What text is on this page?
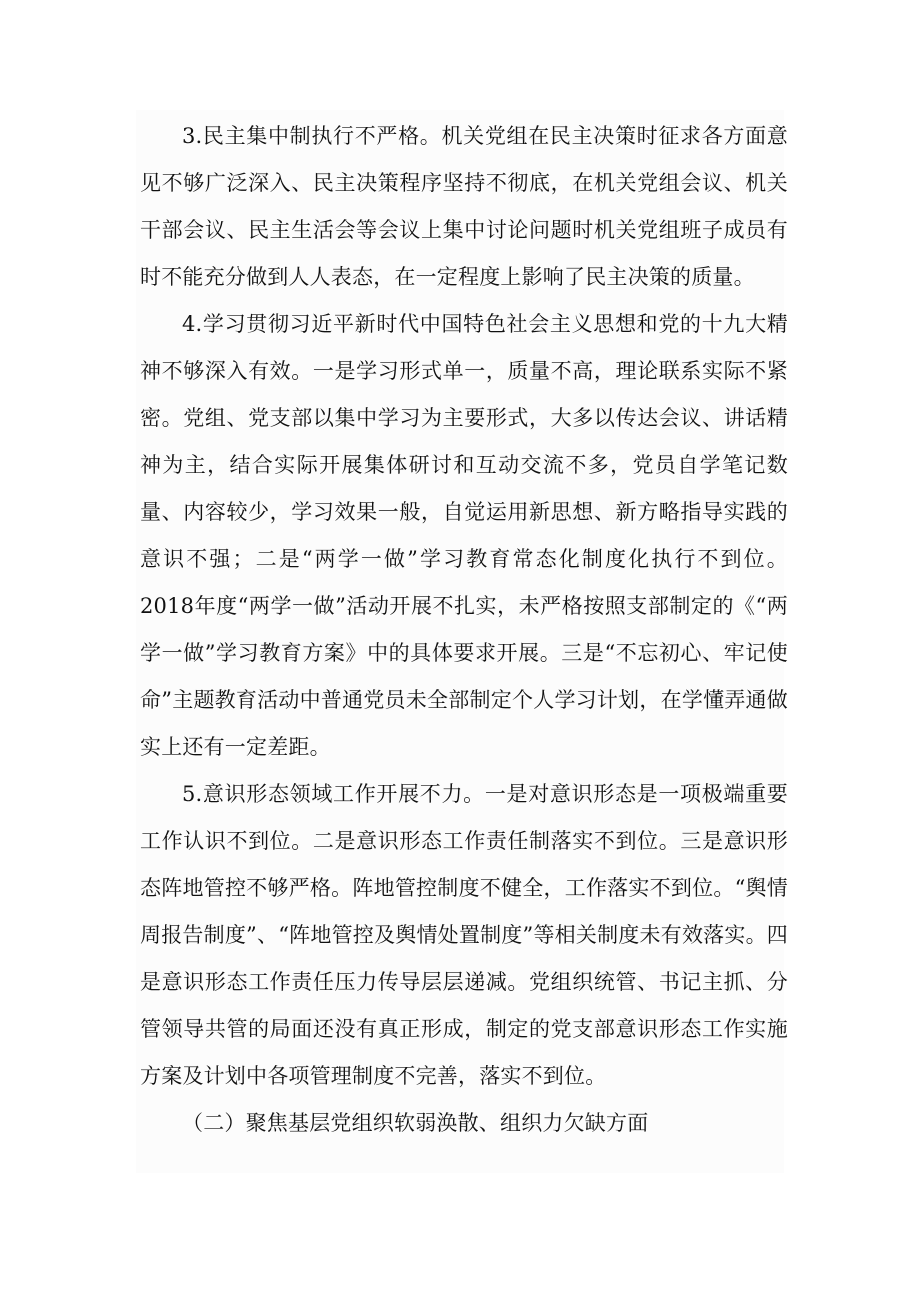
3.民主集中制执行不严格。机关党组在民主决策时征求各方面意见不够广泛深入、民主决策程序坚持不彻底，在机关党组会议、机关干部会议、民主生活会等会议上集中讨论问题时机关党组班子成员有时不能充分做到人人表态，在一定程度上影响了民主决策的质量。

4.学习贯彻习近平新时代中国特色社会主义思想和党的十九大精神不够深入有效。一是学习形式单一，质量不高，理论联系实际不紧密。党组、党支部以集中学习为主要形式，大多以传达会议、讲话精神为主，结合实际开展集体研讨和互动交流不多，党员自学笔记数量、内容较少，学习效果一般，自觉运用新思想、新方略指导实践的意识不强；二是“两学一做”学习教育常态化制度化执行不到位。2018年度“两学一做”活动开展不扎实，未严格按照支部制定的《“两学一做”学习教育方案》中的具体要求开展。三是“不忘初心、牢记使命”主题教育活动中普通党员未全部制定个人学习计划，在学懂弄通做实上还有一定差距。

5.意识形态领域工作开展不力。一是对意识形态是一项极端重要工作认识不到位。二是意识形态工作责任制落实不到位。三是意识形态阵地管控不够严格。阵地管控制度不健全，工作落实不到位。“舆情周报告制度”、“阵地管控及舆情处置制度”等相关制度未有效落实。四是意识形态工作责任压力传导层层递减。党组织统管、书记主抓、分管领导共管的局面还没有真正形成，制定的党支部意识形态工作实施方案及计划中各项管理制度不完善，落实不到位。

（二）聚焦基层党组织软弱涣散、组织力欠缺方面
